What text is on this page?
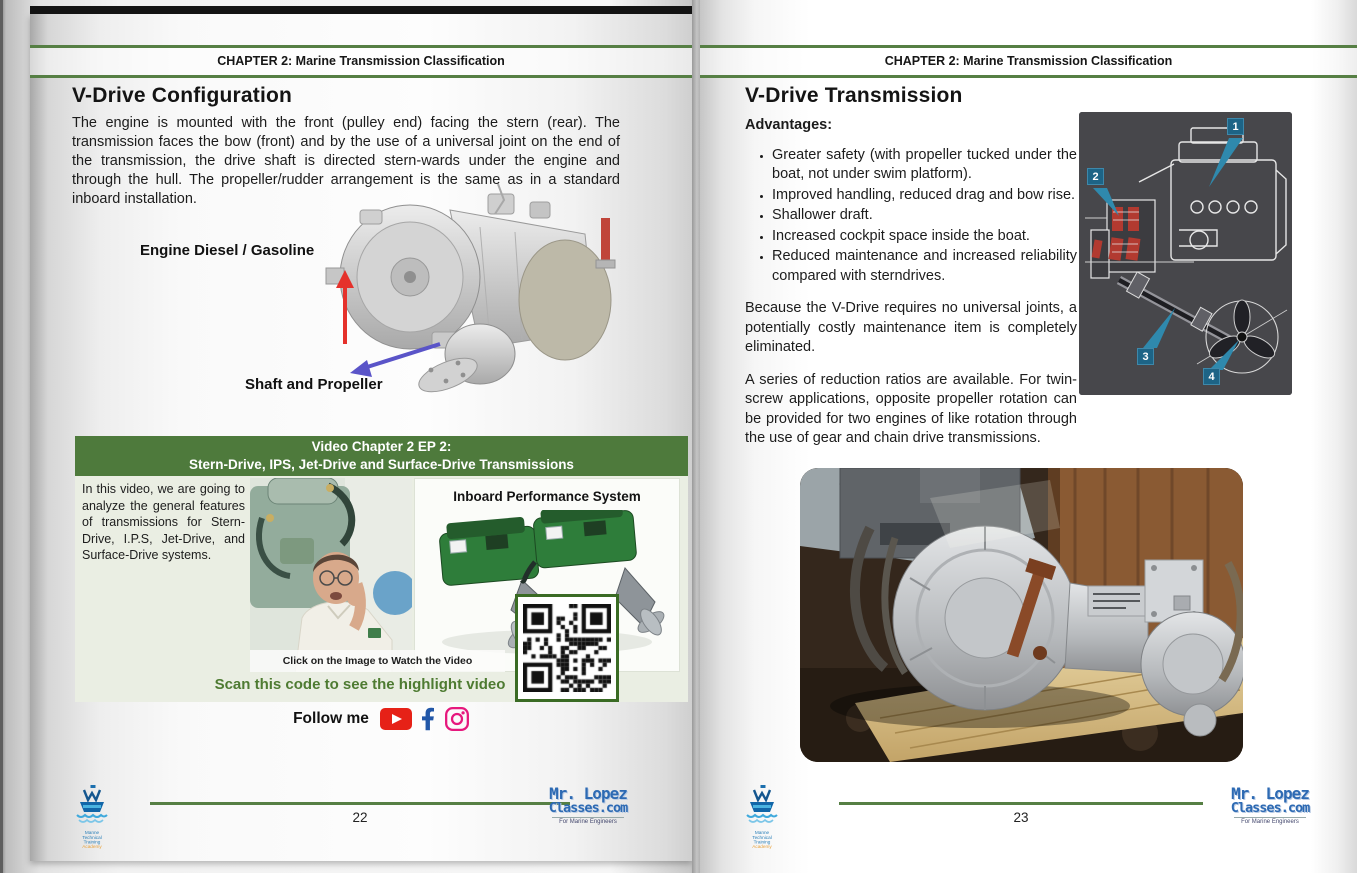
CHAPTER 2: Marine Transmission Classification
V-Drive Configuration

The engine is mounted with the front (pulley end) facing the stern (rear). The transmission faces the bow (front) and by the use of a universal joint on the end of the transmission, the drive shaft is directed stern-wards under the engine and through the hull. The propeller/rudder arrangement is the same as in a standard inboard installation.

Engine Diesel / Gasoline
Shaft and Propeller
Video Chapter 2 EP 2:
Stern-Drive, IPS, Jet-Drive and Surface-Drive Transmissions

In this video, we are going to analyze the general features of transmissions for Stern-Drive, I.P.S, Jet-Drive, and Surface-Drive systems.

Inboard Performance System
Click on the Image to Watch the Video
Scan this code to see the highlight video
Follow me
Marine Technical Training
Academy
22
Mr. Lopez
Classes.com
For Marine Engineers
CHAPTER 2: Marine Transmission Classification
V-Drive Transmission
1
2
3
4
Advantages:
• Greater safety (with propeller tucked under the boat, not under swim platform).
• Improved handling, reduced drag and bow rise.
• Shallower draft.
• Increased cockpit space inside the boat.
• Reduced maintenance and increased reliability compared with sterndrives.

Because the V-Drive requires no universal joints, a potentially costly maintenance item is completely eliminated.

A series of reduction ratios are available. For twin-screw applications, opposite propeller rotation can be provided for two engines of like rotation through the use of gear and chain drive transmissions.

Marine Technical Training
Academy
23
Mr. Lopez
Classes.com
For Marine Engineers
